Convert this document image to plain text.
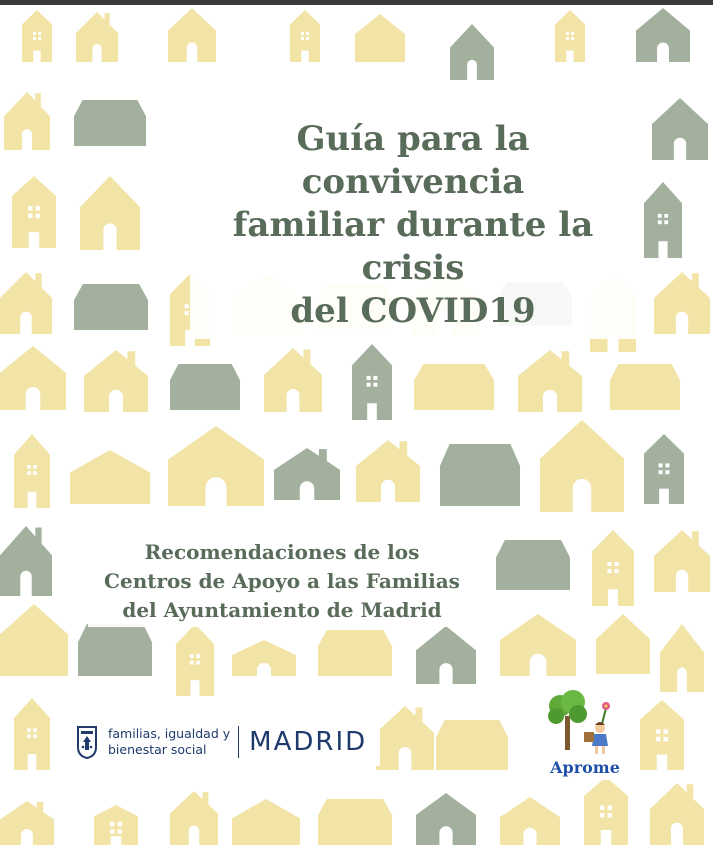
Guía para la convivencia
familiar durante la crisis
del COVID19
Recomendaciones de los
Centros de Apoyo a las Familias
del Ayuntamiento de Madrid
familias, igualdad y
bienestar social	MADRID
Aprome
